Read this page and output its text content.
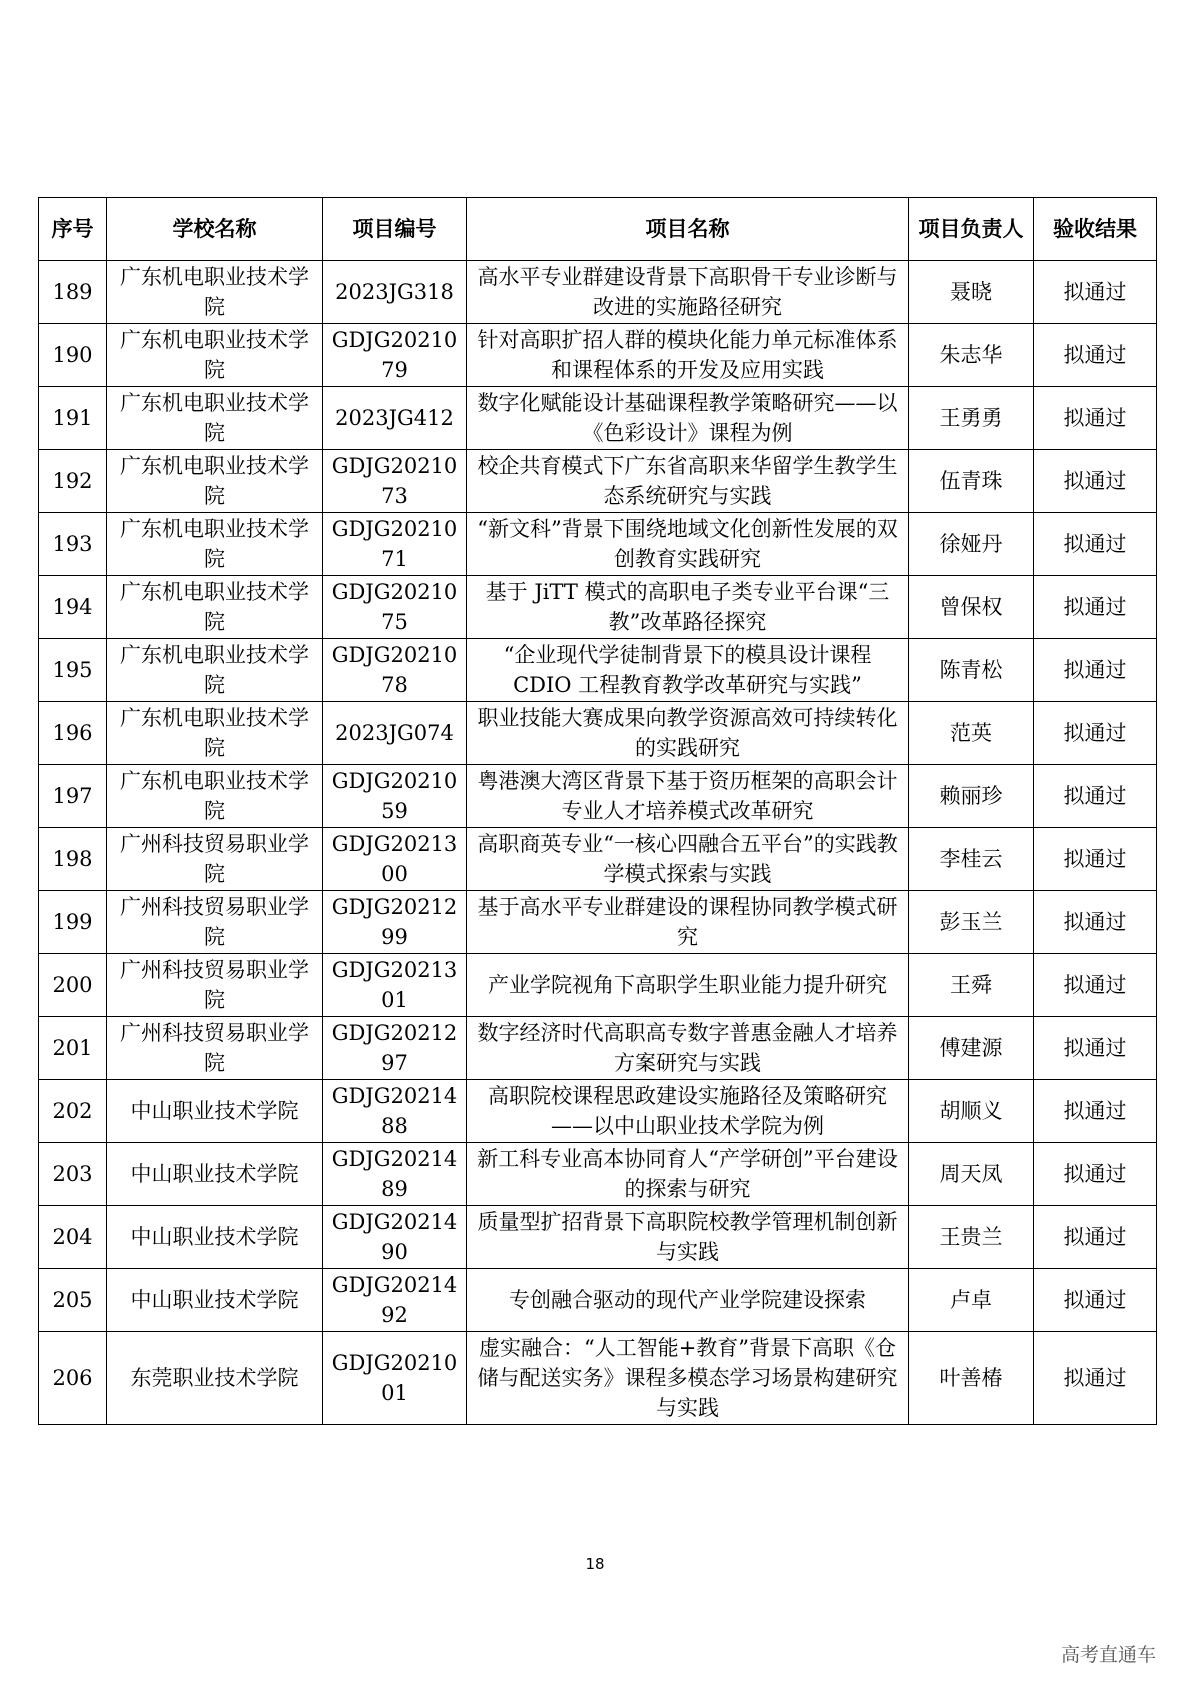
序号	学校名称	项目编号	项目名称	项目负责人	验收结果
189	广东机电职业技术学院	2023JG318	高水平专业群建设背景下高职骨干专业诊断与改进的实施路径研究	聂晓	拟通过
190	广东机电职业技术学院	GDJG2021079	针对高职扩招人群的模块化能力单元标准体系和课程体系的开发及应用实践	朱志华	拟通过
191	广东机电职业技术学院	2023JG412	数字化赋能设计基础课程教学策略研究——以《色彩设计》课程为例	王勇勇	拟通过
192	广东机电职业技术学院	GDJG2021073	校企共育模式下广东省高职来华留学生教学生态系统研究与实践	伍青珠	拟通过
193	广东机电职业技术学院	GDJG2021071	“新文科”背景下围绕地域文化创新性发展的双创教育实践研究	徐娅丹	拟通过
194	广东机电职业技术学院	GDJG2021075	基于 JiTT 模式的高职电子类专业平台课“三教”改革路径探究	曾保权	拟通过
195	广东机电职业技术学院	GDJG2021078	“企业现代学徒制背景下的模具设计课程 CDIO 工程教育教学改革研究与实践”	陈青松	拟通过
196	广东机电职业技术学院	2023JG074	职业技能大赛成果向教学资源高效可持续转化的实践研究	范英	拟通过
197	广东机电职业技术学院	GDJG2021059	粤港澳大湾区背景下基于资历框架的高职会计专业人才培养模式改革研究	赖丽珍	拟通过
198	广州科技贸易职业学院	GDJG2021300	高职商英专业“一核心四融合五平台”的实践教学模式探索与实践	李桂云	拟通过
199	广州科技贸易职业学院	GDJG2021299	基于高水平专业群建设的课程协同教学模式研究	彭玉兰	拟通过
200	广州科技贸易职业学院	GDJG2021301	产业学院视角下高职学生职业能力提升研究	王舜	拟通过
201	广州科技贸易职业学院	GDJG2021297	数字经济时代高职高专数字普惠金融人才培养方案研究与实践	傅建源	拟通过
202	中山职业技术学院	GDJG2021488	高职院校课程思政建设实施路径及策略研究——以中山职业技术学院为例	胡顺义	拟通过
203	中山职业技术学院	GDJG2021489	新工科专业高本协同育人“产学研创”平台建设的探索与研究	周天凤	拟通过
204	中山职业技术学院	GDJG2021490	质量型扩招背景下高职院校教学管理机制创新与实践	王贵兰	拟通过
205	中山职业技术学院	GDJG2021492	专创融合驱动的现代产业学院建设探索	卢卓	拟通过
206	东莞职业技术学院	GDJG2021001	虚实融合：“人工智能+教育”背景下高职《仓储与配送实务》课程多模态学习场景构建研究与实践	叶善椿	拟通过
18
高考直通车
